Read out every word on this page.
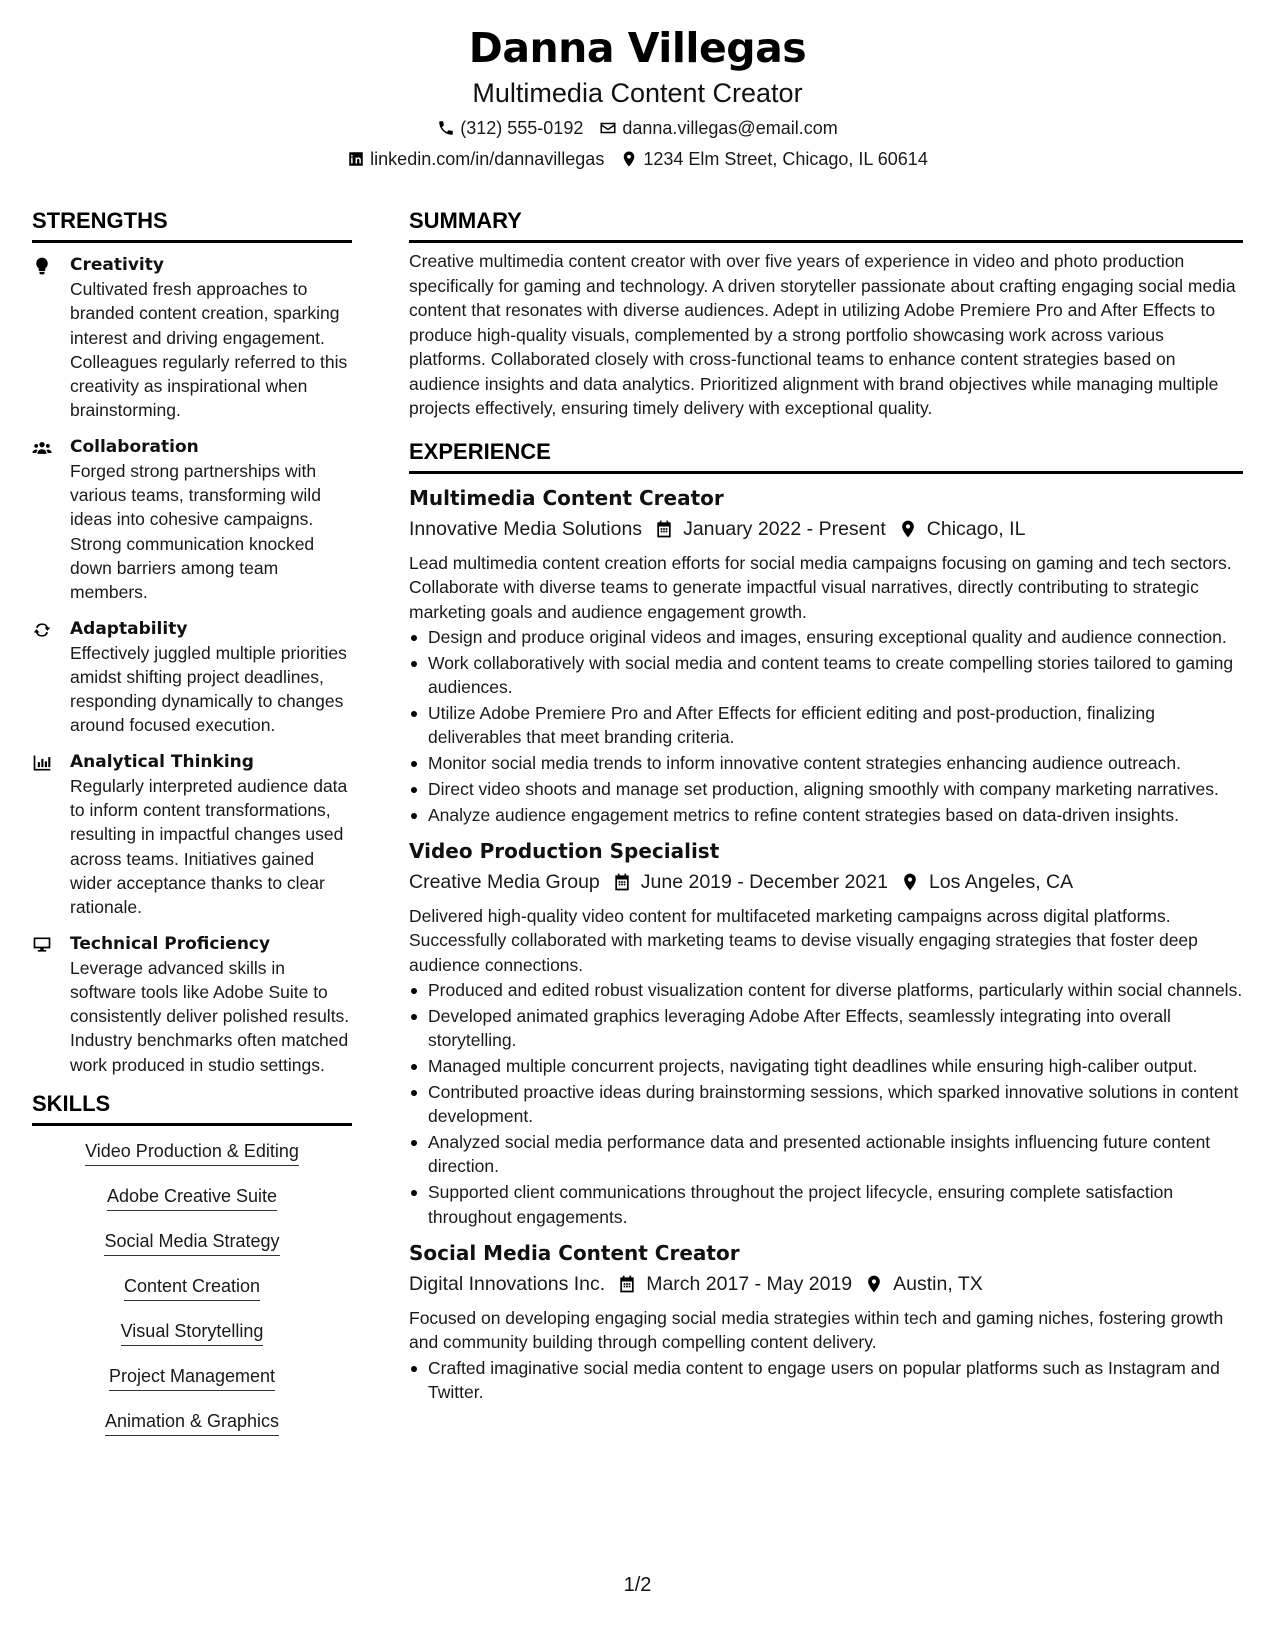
Danna Villegas
Multimedia Content Creator
(312) 555-0192 danna.villegas@email.com
linkedin.com/in/dannavillegas 1234 Elm Street, Chicago, IL 60614
STRENGTHS
Creativity
Cultivated fresh approaches to branded content creation, sparking interest and driving engagement. Colleagues regularly referred to this creativity as inspirational when brainstorming.
Collaboration
Forged strong partnerships with various teams, transforming wild ideas into cohesive campaigns. Strong communication knocked down barriers among team members.
Adaptability
Effectively juggled multiple priorities amidst shifting project deadlines, responding dynamically to changes around focused execution.
Analytical Thinking
Regularly interpreted audience data to inform content transformations, resulting in impactful changes used across teams. Initiatives gained wider acceptance thanks to clear rationale.
Technical Proficiency
Leverage advanced skills in software tools like Adobe Suite to consistently deliver polished results. Industry benchmarks often matched work produced in studio settings.
SKILLS
Video Production & Editing
Adobe Creative Suite
Social Media Strategy
Content Creation
Visual Storytelling
Project Management
Animation & Graphics
SUMMARY
Creative multimedia content creator with over five years of experience in video and photo production specifically for gaming and technology. A driven storyteller passionate about crafting engaging social media content that resonates with diverse audiences. Adept in utilizing Adobe Premiere Pro and After Effects to produce high-quality visuals, complemented by a strong portfolio showcasing work across various platforms. Collaborated closely with cross-functional teams to enhance content strategies based on audience insights and data analytics. Prioritized alignment with brand objectives while managing multiple projects effectively, ensuring timely delivery with exceptional quality.
EXPERIENCE
Multimedia Content Creator
Innovative Media Solutions January 2022 - Present Chicago, IL
Lead multimedia content creation efforts for social media campaigns focusing on gaming and tech sectors. Collaborate with diverse teams to generate impactful visual narratives, directly contributing to strategic marketing goals and audience engagement growth.
Design and produce original videos and images, ensuring exceptional quality and audience connection.
Work collaboratively with social media and content teams to create compelling stories tailored to gaming audiences.
Utilize Adobe Premiere Pro and After Effects for efficient editing and post-production, finalizing deliverables that meet branding criteria.
Monitor social media trends to inform innovative content strategies enhancing audience outreach.
Direct video shoots and manage set production, aligning smoothly with company marketing narratives.
Analyze audience engagement metrics to refine content strategies based on data-driven insights.
Video Production Specialist
Creative Media Group June 2019 - December 2021 Los Angeles, CA
Delivered high-quality video content for multifaceted marketing campaigns across digital platforms. Successfully collaborated with marketing teams to devise visually engaging strategies that foster deep audience connections.
Produced and edited robust visualization content for diverse platforms, particularly within social channels.
Developed animated graphics leveraging Adobe After Effects, seamlessly integrating into overall storytelling.
Managed multiple concurrent projects, navigating tight deadlines while ensuring high-caliber output.
Contributed proactive ideas during brainstorming sessions, which sparked innovative solutions in content development.
Analyzed social media performance data and presented actionable insights influencing future content direction.
Supported client communications throughout the project lifecycle, ensuring complete satisfaction throughout engagements.
Social Media Content Creator
Digital Innovations Inc. March 2017 - May 2019 Austin, TX
Focused on developing engaging social media strategies within tech and gaming niches, fostering growth and community building through compelling content delivery.
Crafted imaginative social media content to engage users on popular platforms such as Instagram and Twitter.
1/2
